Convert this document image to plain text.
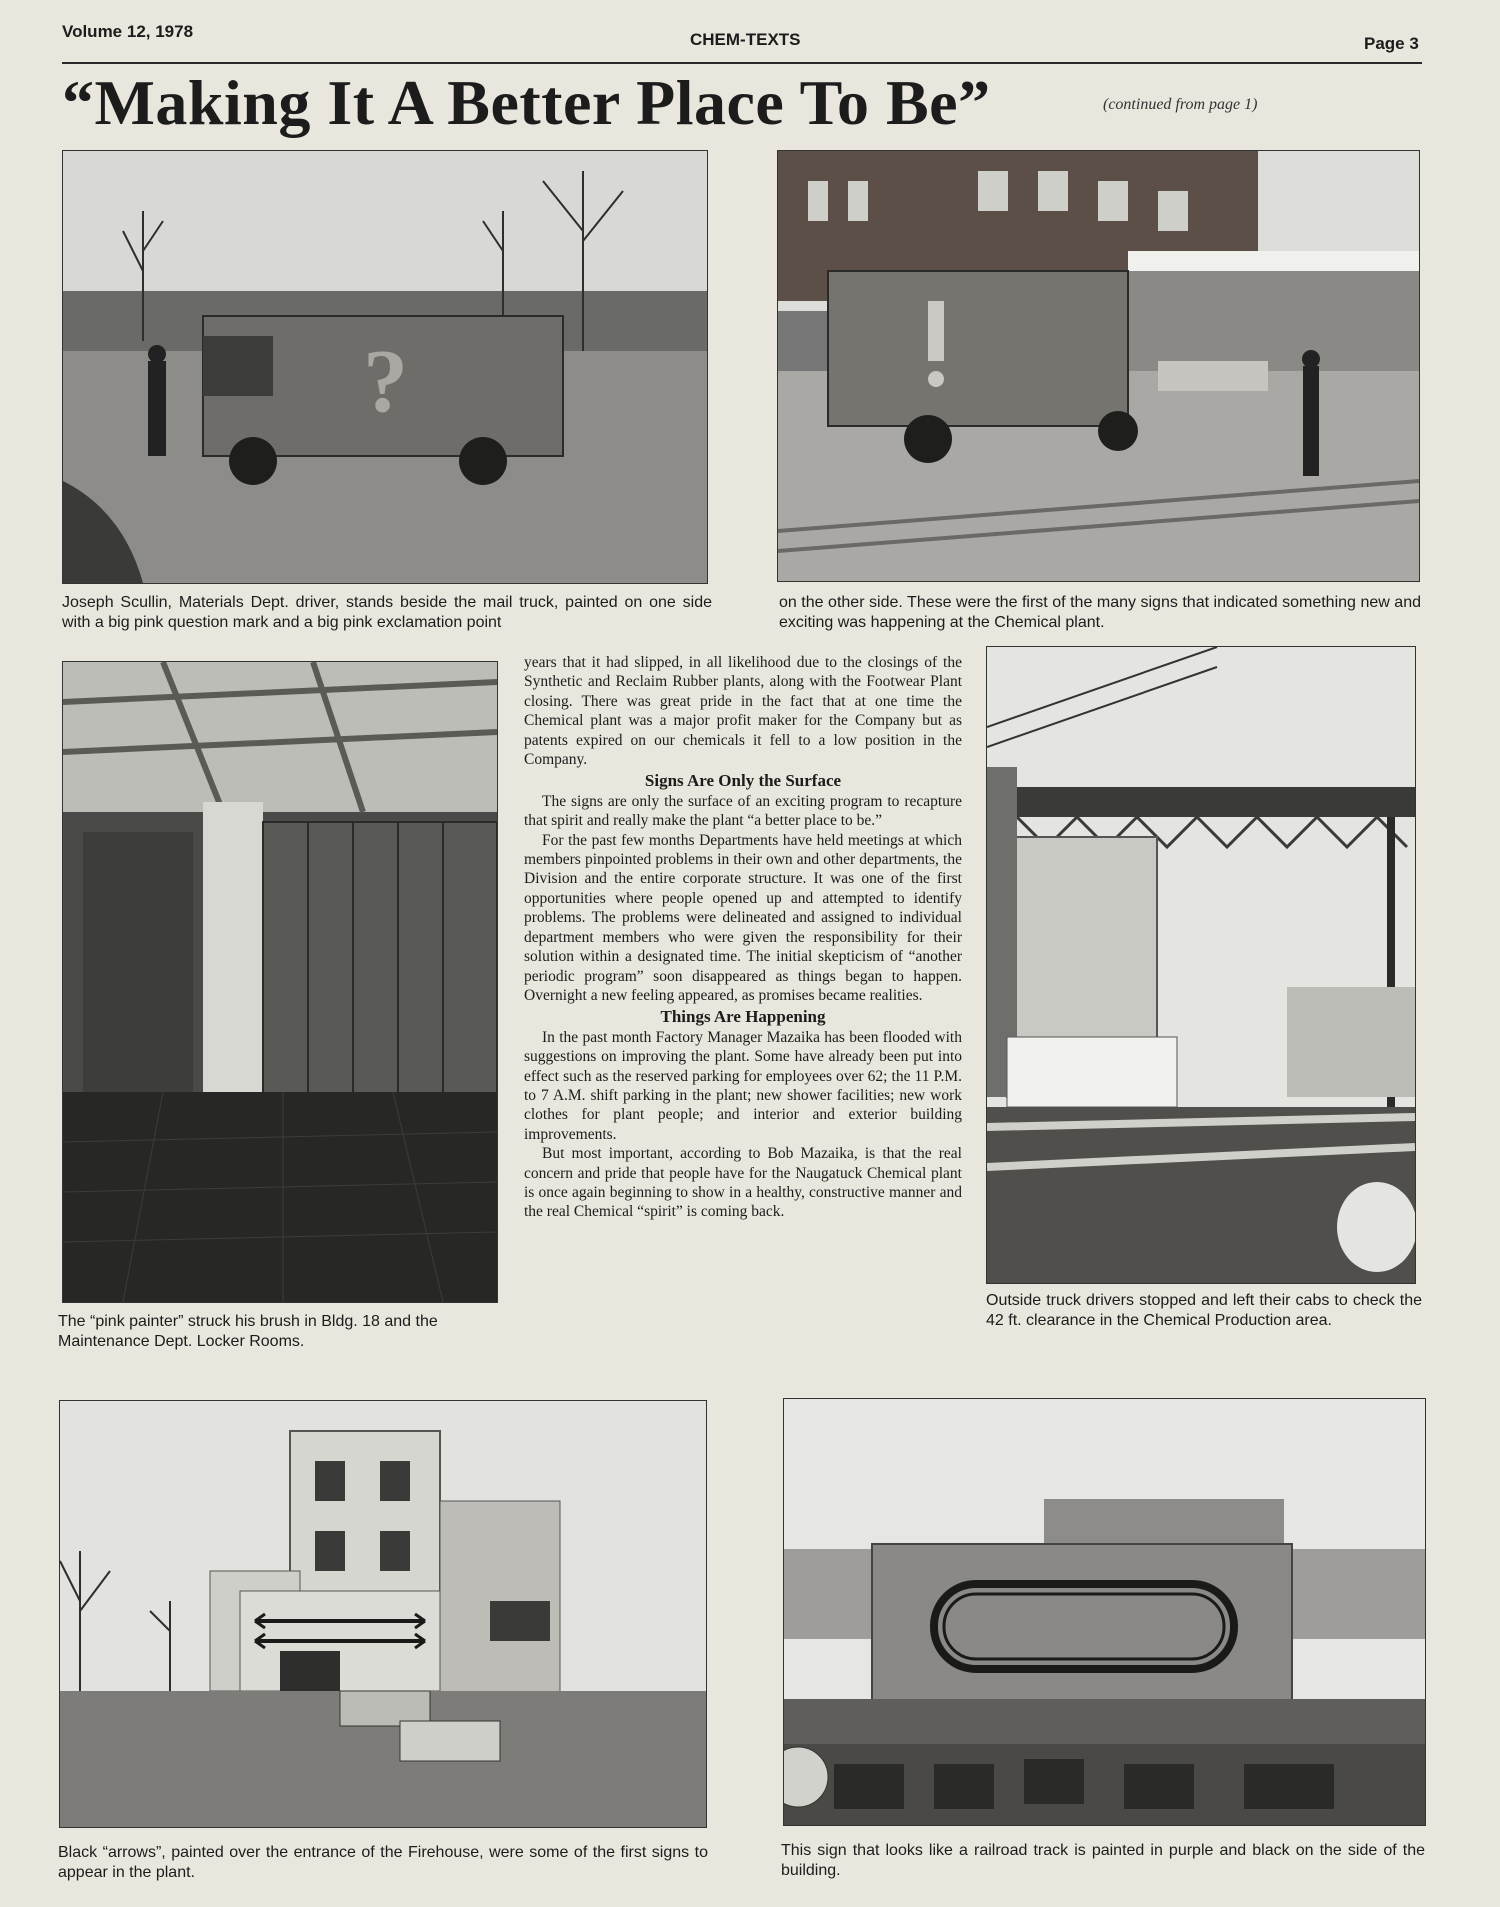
Volume 12, 1978	CHEM-TEXTS	Page 3
“Making It A Better Place To Be”	(continued from page 1)
?
Joseph Scullin, Materials Dept. driver, stands beside the mail truck, painted on one side with a big pink question mark and a big pink exclamation point
on the other side. These were the first of the many signs that indicated something new and exciting was happening at the Chemical plant.
The “pink painter” struck his brush in Bldg. 18 and the Maintenance Dept. Locker Rooms.

years that it had slipped, in all likelihood due to the closings of the Synthetic and Reclaim Rubber plants, along with the Footwear Plant closing. There was great pride in the fact that at one time the Chemical plant was a major profit maker for the Company but as patents expired on our chemicals it fell to a low position in the Company.

Signs Are Only the Surface

The signs are only the surface of an exciting program to recapture that spirit and really make the plant “a better place to be.”

For the past few months Departments have held meetings at which members pinpointed problems in their own and other departments, the Division and the entire corporate structure. It was one of the first opportunities where people opened up and attempted to identify problems. The problems were delineated and assigned to individual department members who were given the responsibility for their solution within a designated time. The initial skepticism of “another periodic program” soon disappeared as things began to happen. Overnight a new feeling appeared, as promises became realities.

Things Are Happening

In the past month Factory Manager Mazaika has been flooded with suggestions on improving the plant. Some have already been put into effect such as the reserved parking for employees over 62; the 11 P.M. to 7 A.M. shift parking in the plant; new shower facilities; new work clothes for plant people; and interior and exterior building improvements.

But most important, according to Bob Mazaika, is that the real concern and pride that people have for the Naugatuck Chemical plant is once again beginning to show in a healthy, constructive manner and the real Chemical “spirit” is coming back.

Outside truck drivers stopped and left their cabs to check the 42 ft. clearance in the Chemical Production area.
Black “arrows”, painted over the entrance of the Firehouse, were some of the first signs to appear in the plant.
This sign that looks like a railroad track is painted in purple and black on the side of the building.
